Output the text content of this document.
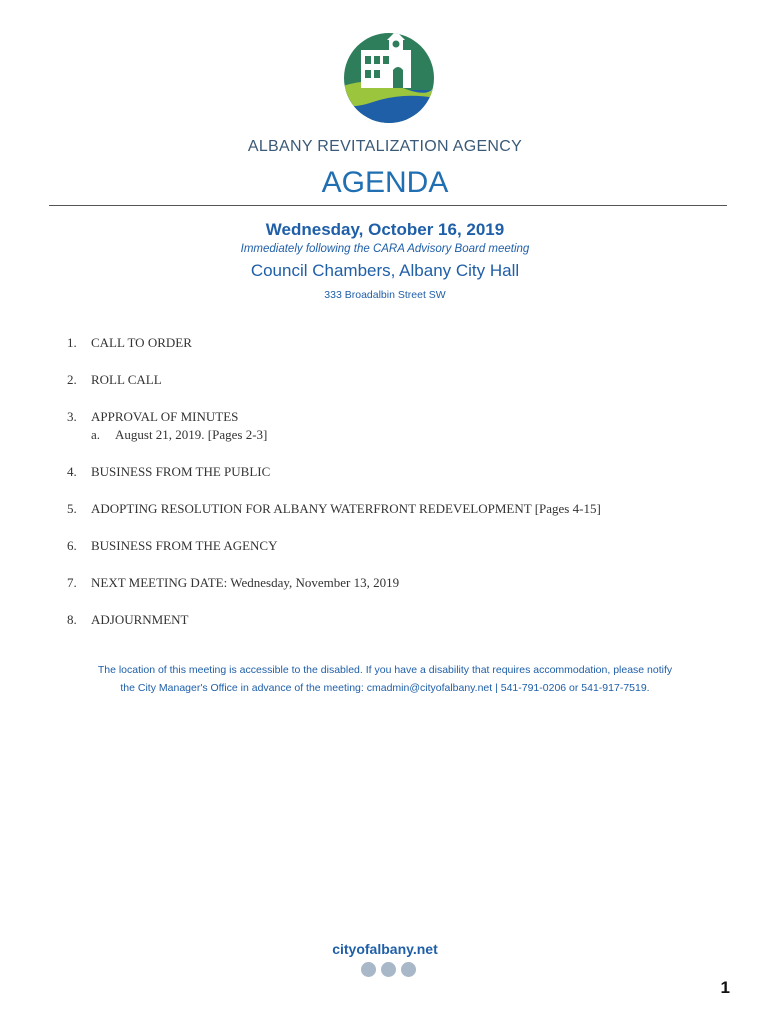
ALBANY REVITALIZATION AGENCY
AGENDA
Wednesday, October 16, 2019
Immediately following the CARA Advisory Board meeting
Council Chambers, Albany City Hall
333 Broadalbin Street SW
1. CALL TO ORDER
2. ROLL CALL
3. APPROVAL OF MINUTES
a. August 21, 2019. [Pages 2-3]
4. BUSINESS FROM THE PUBLIC
5. ADOPTING RESOLUTION FOR ALBANY WATERFRONT REDEVELOPMENT [Pages 4-15]
6. BUSINESS FROM THE AGENCY
7. NEXT MEETING DATE: Wednesday, November 13, 2019
8. ADJOURNMENT
The location of this meeting is accessible to the disabled. If you have a disability that requires accommodation, please notify
the City Manager's Office in advance of the meeting: cmadmin@cityofalbany.net | 541-791-0206 or 541-917-7519.
cityofalbany.net
1
